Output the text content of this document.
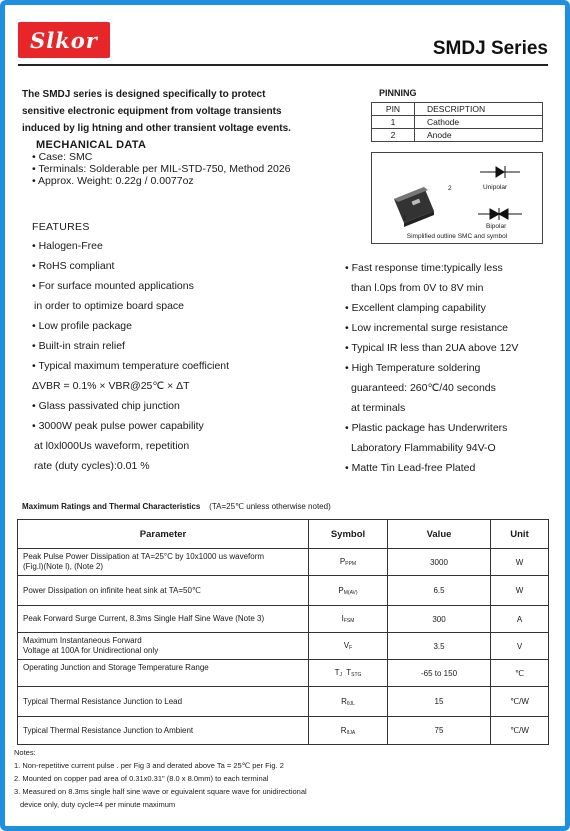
Slkor	SMDJ Series
The SMDJ series is designed specifically to protect
sensitive electronic equipment from voltage transients
induced by lig htning and other transient voltage events.
MECHANICAL DATA
• Case: SMC
• Terminals: Solderable per MIL-STD-750, Method 2026
• Approx. Weight: 0.22g / 0.0077oz
PINNING
PIN	DESCRIPTION
1	Cathode
2	Anode
1
2	Unipolar
Bipolar
Simplified outline SMC and symbol
FEATURES
• Halogen-Free
• RoHS compliant
• For surface mounted applications
in order to optimize board space
• Low profile package
• Built-in strain relief
• Typical maximum temperature coefficient
ΔVBR = 0.1% × VBR@25℃ × ΔT
• Glass passivated chip junction
• 3000W peak pulse power capability
at l0xl000Us waveform, repetition
rate (duty cycles):0.01 %
• Fast response time:typically less
than l.0ps from 0V to 8V min
• Excellent clamping capability
• Low incremental surge resistance
• Typical IR less than 2UA above 12V
• High Temperature soldering
guaranteed: 260℃/40 seconds
at terminals
• Plastic package has Underwriters
Laboratory Flammability 94V-O
• Matte Tin Lead-free Plated
Maximum Ratings and Thermal Characteristics (TA=25℃ unless otherwise noted)
Parameter	Symbol	Value	Unit

Peak Pulse Power Dissipation at TA=25°C by 10x1000 us waveform
(Fig.l)(Note l), (Note 2)	$P_{PPM}$	3000	W

Power Dissipation on infinite heat sink at TA=50℃	$P_{M(AV)}$	6.5	W

Peak Forward Surge Current, 8.3ms Single Half Sine Wave (Note 3)	$I_{FSM}$	300	A

Maximum Instantaneous Forward
Voltage at 100A for Unidirectional only	$V_F$	3.5	V

Operating Junction and Storage Temperature Range	$T_J$ $T_{STG}$	-65 to 150	℃

Typical Thermal Resistance Junction to Lead	$R_{\theta JL}$	15	℃/W

Typical Thermal Resistance Junction to Ambient	$R_{\theta JA}$	75	℃/W
Notes:
1. Non-repetitive current pulse . per Fig 3 and derated above Ta = 25℃ per Fig. 2
2. Mounted on copper pad area of 0.31x0.31" (8.0 x 8.0mm) to each terminal
3. Measured on 8.3ms single half sine wave or eguivalent square wave for unidirectional
device only, duty cycle=4 per minute maximum
